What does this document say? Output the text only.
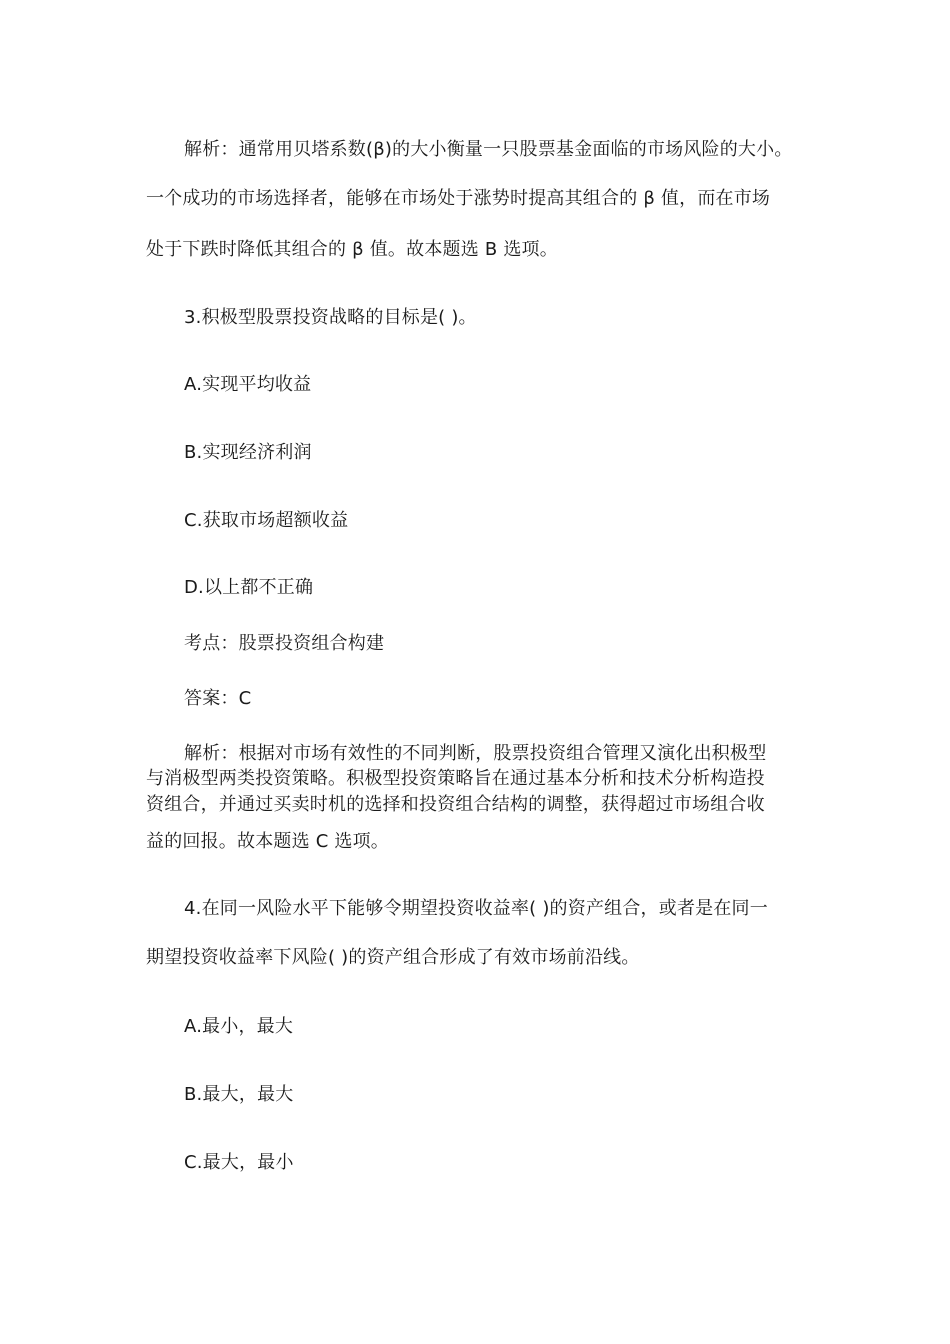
解析：通常用贝塔系数(β)的大小衡量一只股票基金面临的市场风险的大小。
一个成功的市场选择者，能够在市场处于涨势时提高其组合的 β 值，而在市场
处于下跌时降低其组合的 β 值。故本题选 B 选项。
3.积极型股票投资战略的目标是( )。
A.实现平均收益
B.实现经济利润
C.获取市场超额收益
D.以上都不正确
考点：股票投资组合构建
答案：C
解析：根据对市场有效性的不同判断，股票投资组合管理又演化出积极型
与消极型两类投资策略。积极型投资策略旨在通过基本分析和技术分析构造投
资组合，并通过买卖时机的选择和投资组合结构的调整，获得超过市场组合收
益的回报。故本题选 C 选项。
4.在同一风险水平下能够令期望投资收益率( )的资产组合，或者是在同一
期望投资收益率下风险( )的资产组合形成了有效市场前沿线。
A.最小，最大
B.最大，最大
C.最大，最小
